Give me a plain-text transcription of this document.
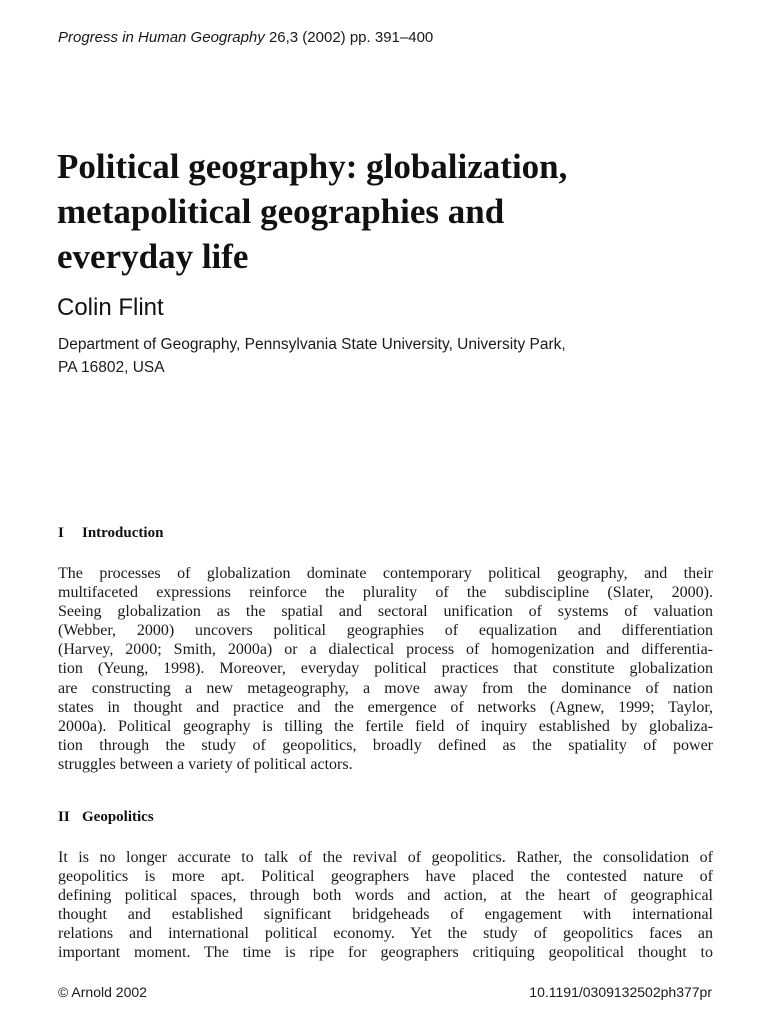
Progress in Human Geography 26,3 (2002) pp. 391–400
Political geography: globalization,
metapolitical geographies and
everyday life
Colin Flint
Department of Geography, Pennsylvania State University, University Park,
PA 16802, USA
I Introduction
The processes of globalization dominate contemporary political geography, and their
multifaceted expressions reinforce the plurality of the subdiscipline (Slater, 2000).
Seeing globalization as the spatial and sectoral unification of systems of valuation
(Webber, 2000) uncovers political geographies of equalization and differentiation
(Harvey, 2000; Smith, 2000a) or a dialectical process of homogenization and differentia-
tion (Yeung, 1998). Moreover, everyday political practices that constitute globalization
are constructing a new metageography, a move away from the dominance of nation
states in thought and practice and the emergence of networks (Agnew, 1999; Taylor,
2000a). Political geography is tilling the fertile field of inquiry established by globaliza-
tion through the study of geopolitics, broadly defined as the spatiality of power
struggles between a variety of political actors.
II Geopolitics
It is no longer accurate to talk of the revival of geopolitics. Rather, the consolidation of
geopolitics is more apt. Political geographers have placed the contested nature of
defining political spaces, through both words and action, at the heart of geographical
thought and established significant bridgeheads of engagement with international
relations and international political economy. Yet the study of geopolitics faces an
important moment. The time is ripe for geographers critiquing geopolitical thought to
© Arnold 2002	10.1191/0309132502ph377pr
